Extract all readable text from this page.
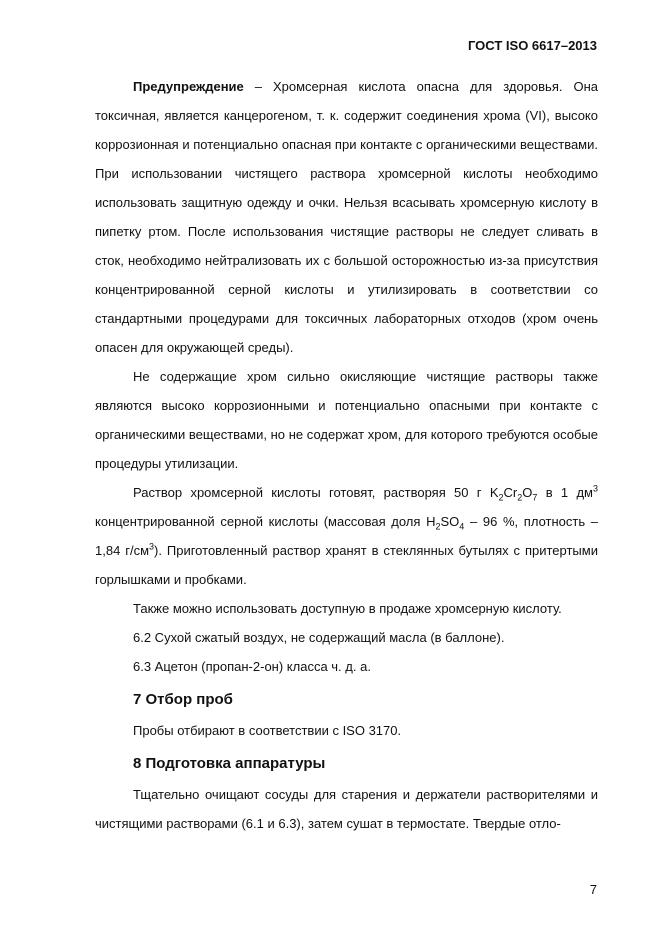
ГОСТ ISO 6617–2013

Предупреждение – Хромсерная кислота опасна для здоровья. Она токсичная, является канцерогеном, т. к. содержит соединения хрома (VI), высоко коррозионная и потенциально опасная при контакте с органическими веществами. При использовании чистящего раствора хромсерной кислоты необходимо использовать защитную одежду и очки. Нельзя всасывать хромсерную кислоту в пипетку ртом. После использования чистящие растворы не следует сливать в сток, необходимо нейтрализовать их с большой осторожностью из-за присутствия концентрированной серной кислоты и утилизировать в соответствии со стандартными процедурами для токсичных лабораторных отходов (хром очень опасен для окружающей среды).

Не содержащие хром сильно окисляющие чистящие растворы также являются высоко коррозионными и потенциально опасными при контакте с органическими веществами, но не содержат хром, для которого требуются особые процедуры утилизации.

Раствор хромсерной кислоты готовят, растворяя 50 г $K_2Cr_2O_7$ в 1 $дм^3$ концентрированной серной кислоты (массовая доля $H_2SO_4 - 96$ %, плотность – 1,84 $г/см^3$). Приготовленный раствор хранят в стеклянных бутылях с притертыми горлышками и пробками.

Также можно использовать доступную в продаже хромсерную кислоту.

6.2 Сухой сжатый воздух, не содержащий масла (в баллоне).

6.3 Ацетон (пропан-2-он) класса ч. д. а.

7 Отбор проб

Пробы отбирают в соответствии с ISO 3170.

8 Подготовка аппаратуры

Тщательно очищают сосуды для старения и держатели растворителями и чистящими растворами (6.1 и 6.3), затем сушат в термостате. Твердые отло-

7
